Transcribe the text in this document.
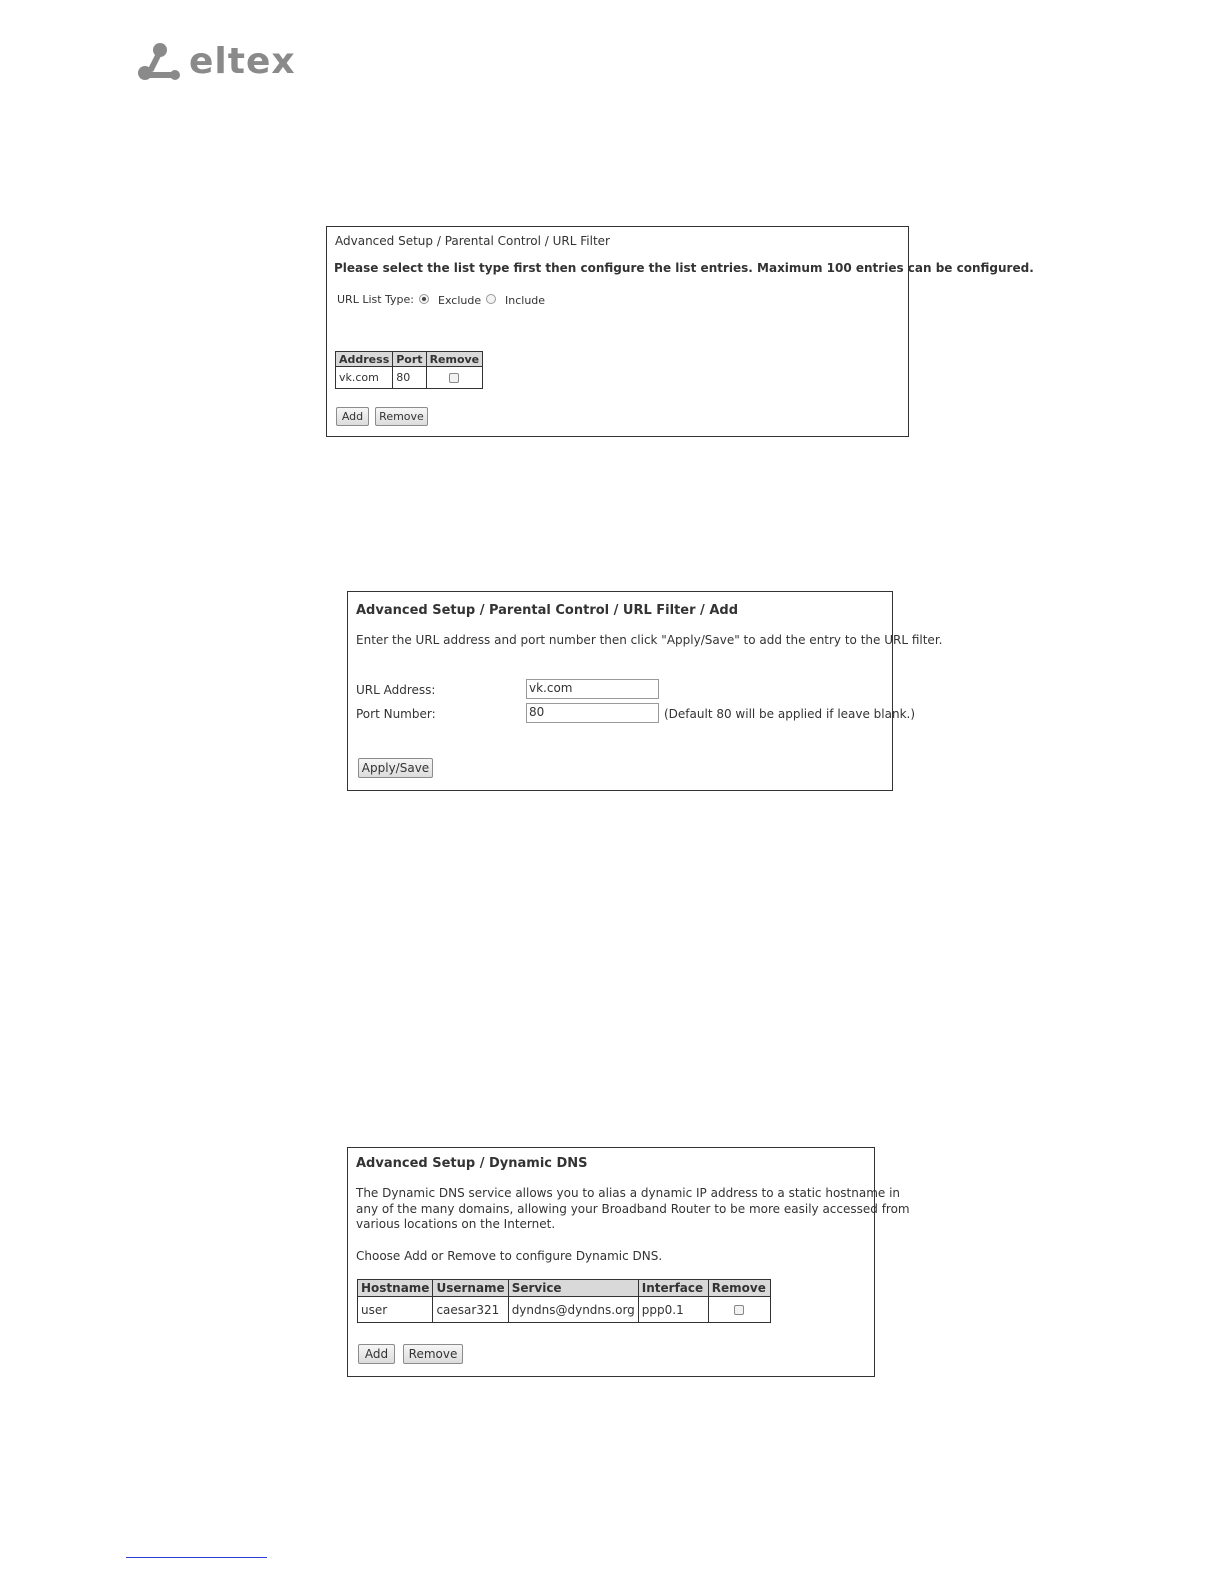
eltex
Advanced Setup / Parental Control / URL Filter
Please select the list type first then configure the list entries. Maximum 100 entries can be configured.
URL List Type: Exclude Include
Address	Port	Remove
vk.com	80	
Add	Remove
Advanced Setup / Parental Control / URL Filter / Add
Enter the URL address and port number then click "Apply/Save" to add the entry to the URL filter.
URL Address:	vk.com
Port Number:	80	(Default 80 will be applied if leave blank.)
Apply/Save
Advanced Setup / Dynamic DNS
The Dynamic DNS service allows you to alias a dynamic IP address to a static hostname in
any of the many domains, allowing your Broadband Router to be more easily accessed from
various locations on the Internet.
Choose Add or Remove to configure Dynamic DNS.
Hostname	Username	Service	Interface	Remove
user	caesar321	dyndns@dyndns.org	ppp0.1	
Add	Remove
